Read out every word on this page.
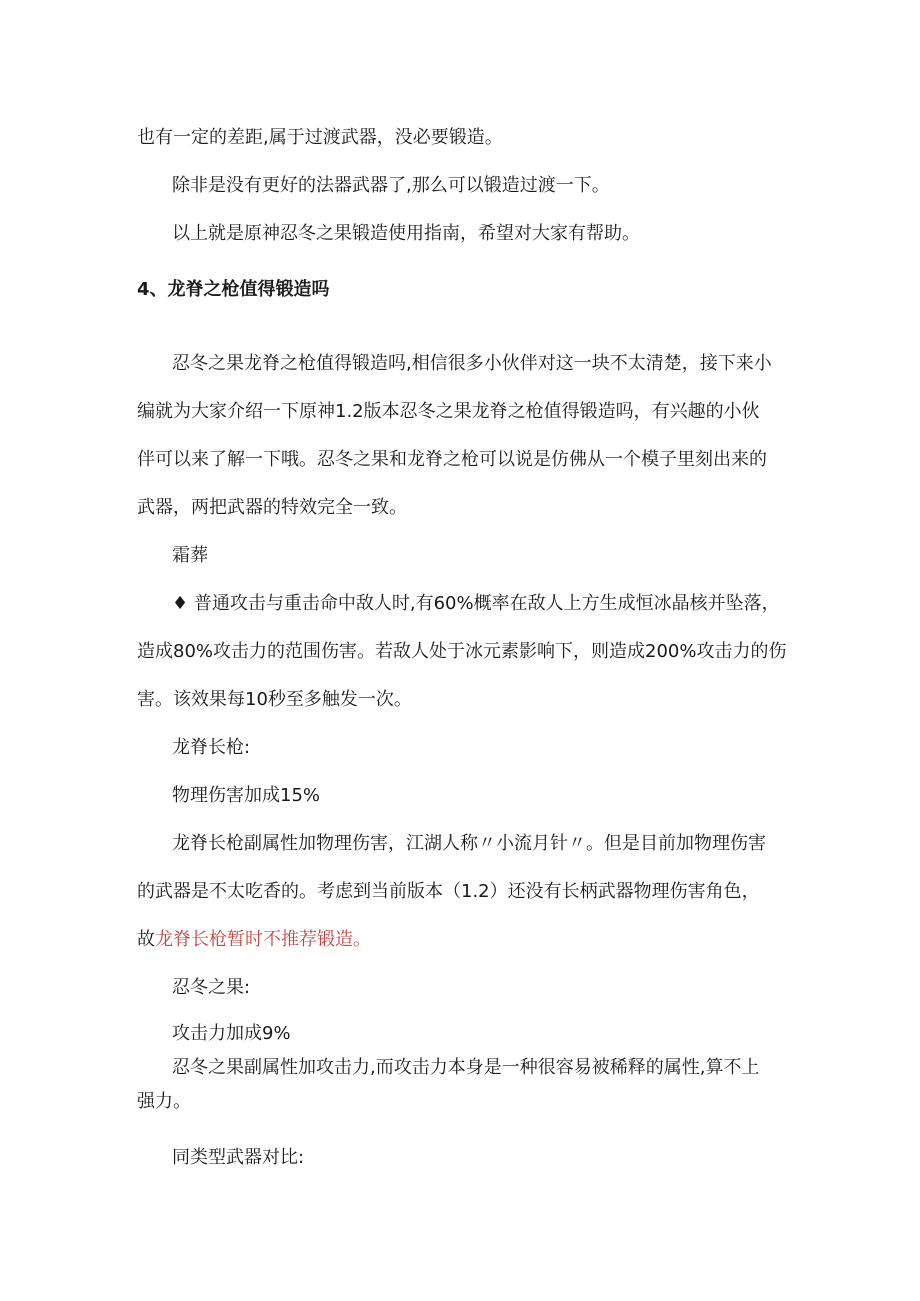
也有一定的差距,属于过渡武器，没必要锻造。
除非是没有更好的法器武器了,那么可以锻造过渡一下。
以上就是原神忍冬之果锻造使用指南，希望对大家有帮助。
4、龙脊之枪值得锻造吗
忍冬之果龙脊之枪值得锻造吗,相信很多小伙伴对这一块不太清楚，接下来小
编就为大家介绍一下原神1.2版本忍冬之果龙脊之枪值得锻造吗，有兴趣的小伙
伴可以来了解一下哦。忍冬之果和龙脊之枪可以说是仿佛从一个模子里刻出来的
武器，两把武器的特效完全一致。
霜葬
♦ 普通攻击与重击命中敌人时,有60%概率在敌人上方生成恒冰晶核并坠落，
造成80%攻击力的范围伤害。若敌人处于冰元素影响下，则造成200%攻击力的伤
害。该效果每10秒至多触发一次。
龙脊长枪:
物理伤害加成15%
龙脊长枪副属性加物理伤害，江湖人称〃小流月针〃。但是目前加物理伤害
的武器是不太吃香的。考虑到当前版本（1.2）还没有长柄武器物理伤害角色，
故龙脊长枪暂时不推荐锻造。
忍冬之果:
攻击力加成9%
忍冬之果副属性加攻击力,而攻击力本身是一种很容易被稀释的属性,算不上
强力。
同类型武器对比:
